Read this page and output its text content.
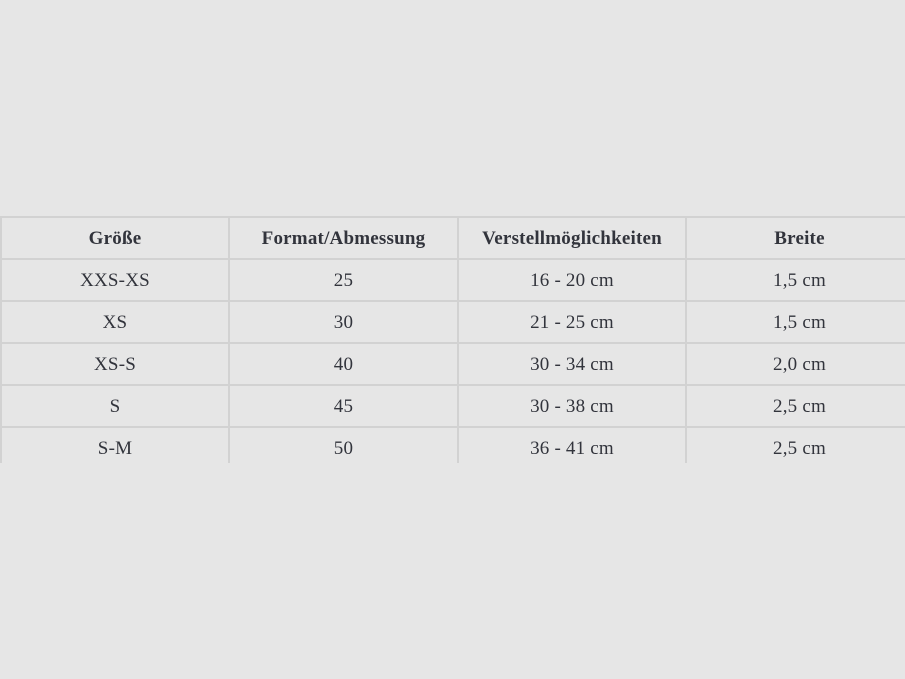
Größe	Format/Abmessung	Verstellmöglichkeiten	Breite
XXS-XS	25	16 - 20 cm	1,5 cm
XS	30	21 - 25 cm	1,5 cm
XS-S	40	30 - 34 cm	2,0 cm
S	45	30 - 38 cm	2,5 cm
S-M	50	36 - 41 cm	2,5 cm
